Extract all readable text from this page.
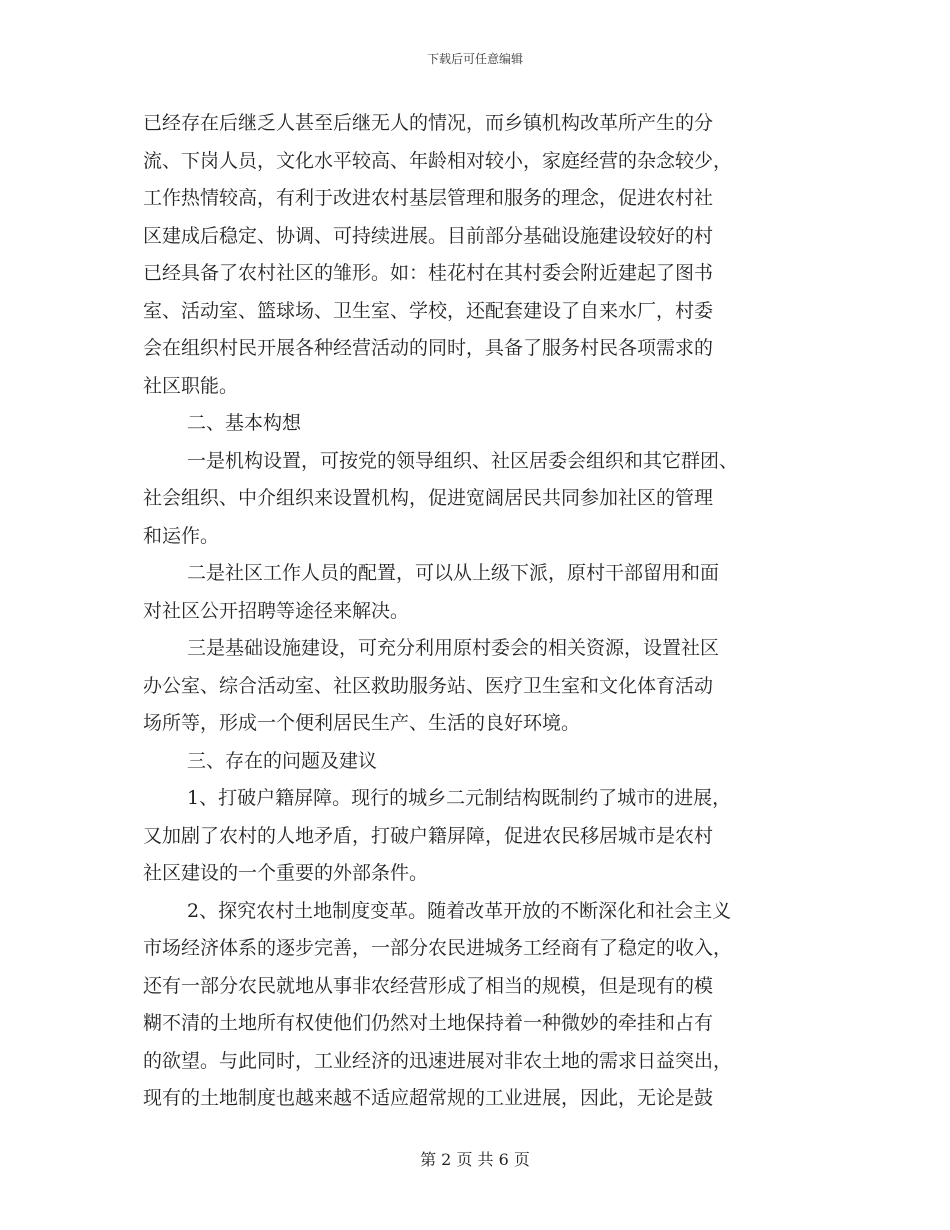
下载后可任意编辑
已经存在后继乏人甚至后继无人的情况，而乡镇机构改革所产生的分
流、下岗人员，文化水平较高、年龄相对较小，家庭经营的杂念较少，
工作热情较高，有利于改进农村基层管理和服务的理念，促进农村社
区建成后稳定、协调、可持续进展。目前部分基础设施建设较好的村
已经具备了农村社区的雏形。如：桂花村在其村委会附近建起了图书
室、活动室、篮球场、卫生室、学校，还配套建设了自来水厂，村委
会在组织村民开展各种经营活动的同时，具备了服务村民各项需求的
社区职能。
二、基本构想
一是机构设置，可按党的领导组织、社区居委会组织和其它群团、
社会组织、中介组织来设置机构，促进宽阔居民共同参加社区的管理
和运作。
二是社区工作人员的配置，可以从上级下派，原村干部留用和面
对社区公开招聘等途径来解决。
三是基础设施建设，可充分利用原村委会的相关资源，设置社区
办公室、综合活动室、社区救助服务站、医疗卫生室和文化体育活动
场所等，形成一个便利居民生产、生活的良好环境。
三、存在的问题及建议
1、打破户籍屏障。现行的城乡二元制结构既制约了城市的进展，
又加剧了农村的人地矛盾，打破户籍屏障，促进农民移居城市是农村
社区建设的一个重要的外部条件。
2、探究农村土地制度变革。随着改革开放的不断深化和社会主义
市场经济体系的逐步完善，一部分农民进城务工经商有了稳定的收入，
还有一部分农民就地从事非农经营形成了相当的规模，但是现有的模
糊不清的土地所有权使他们仍然对土地保持着一种微妙的牵挂和占有
的欲望。与此同时，工业经济的迅速进展对非农土地的需求日益突出，
现有的土地制度也越来越不适应超常规的工业进展，因此，无论是鼓
第 2 页 共 6 页
